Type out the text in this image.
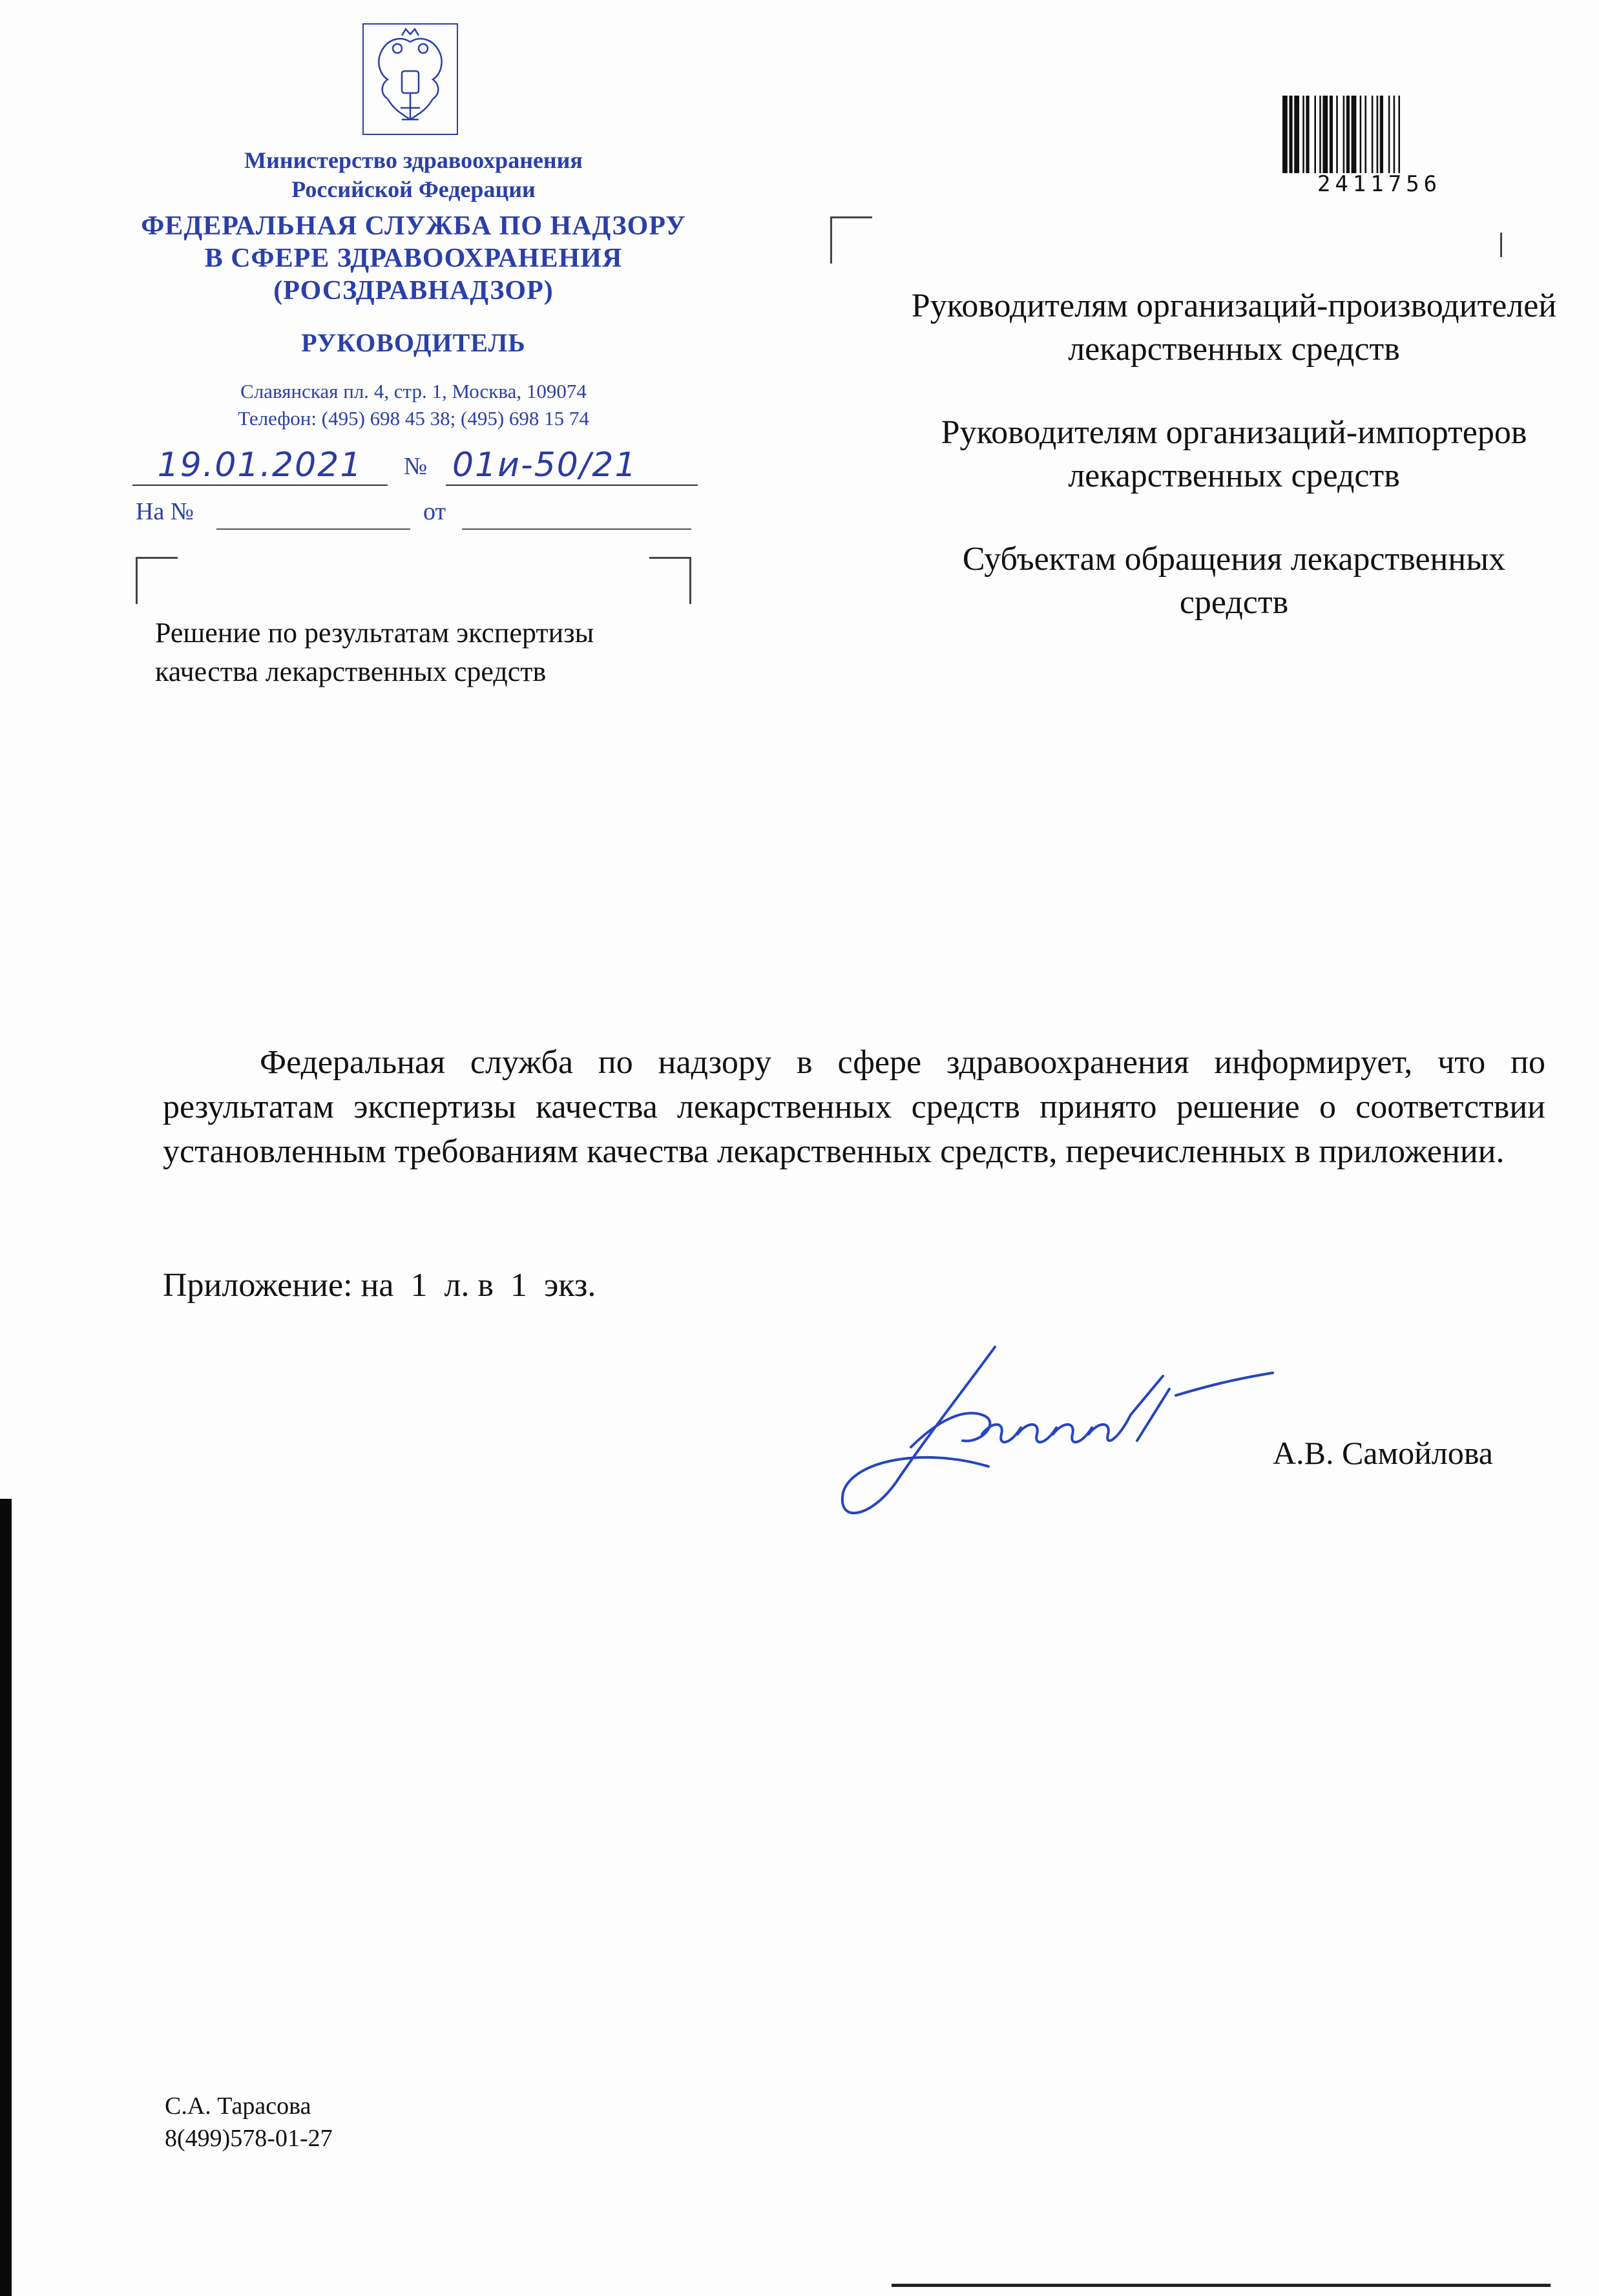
Министерство здравоохранения
Российской Федерации
ФЕДЕРАЛЬНАЯ СЛУЖБА ПО НАДЗОРУ
В СФЕРЕ ЗДРАВООХРАНЕНИЯ
(РОСЗДРАВНАДЗОР)
РУКОВОДИТЕЛЬ
Славянская пл. 4, стр. 1, Москва, 109074
Телефон: (495) 698 45 38; (495) 698 15 74
19.01.2021	№ 01и-50/21
На №	от
Решение по результатам экспертизы
качества лекарственных средств
2411756

Руководителям организаций-производителей лекарственных средств

Руководителям организаций-импортеров лекарственных средств

Субъектам обращения лекарственных средств

Федеральная служба по надзору в сфере здравоохранения информирует, что по результатам экспертизы качества лекарственных средств принято решение о соответствии установленным требованиям качества лекарственных средств, перечисленных в приложении.

Приложение: на  1  л. в  1  экз.
А.В. Самойлова
С.А. Тарасова
8(499)578-01-27
